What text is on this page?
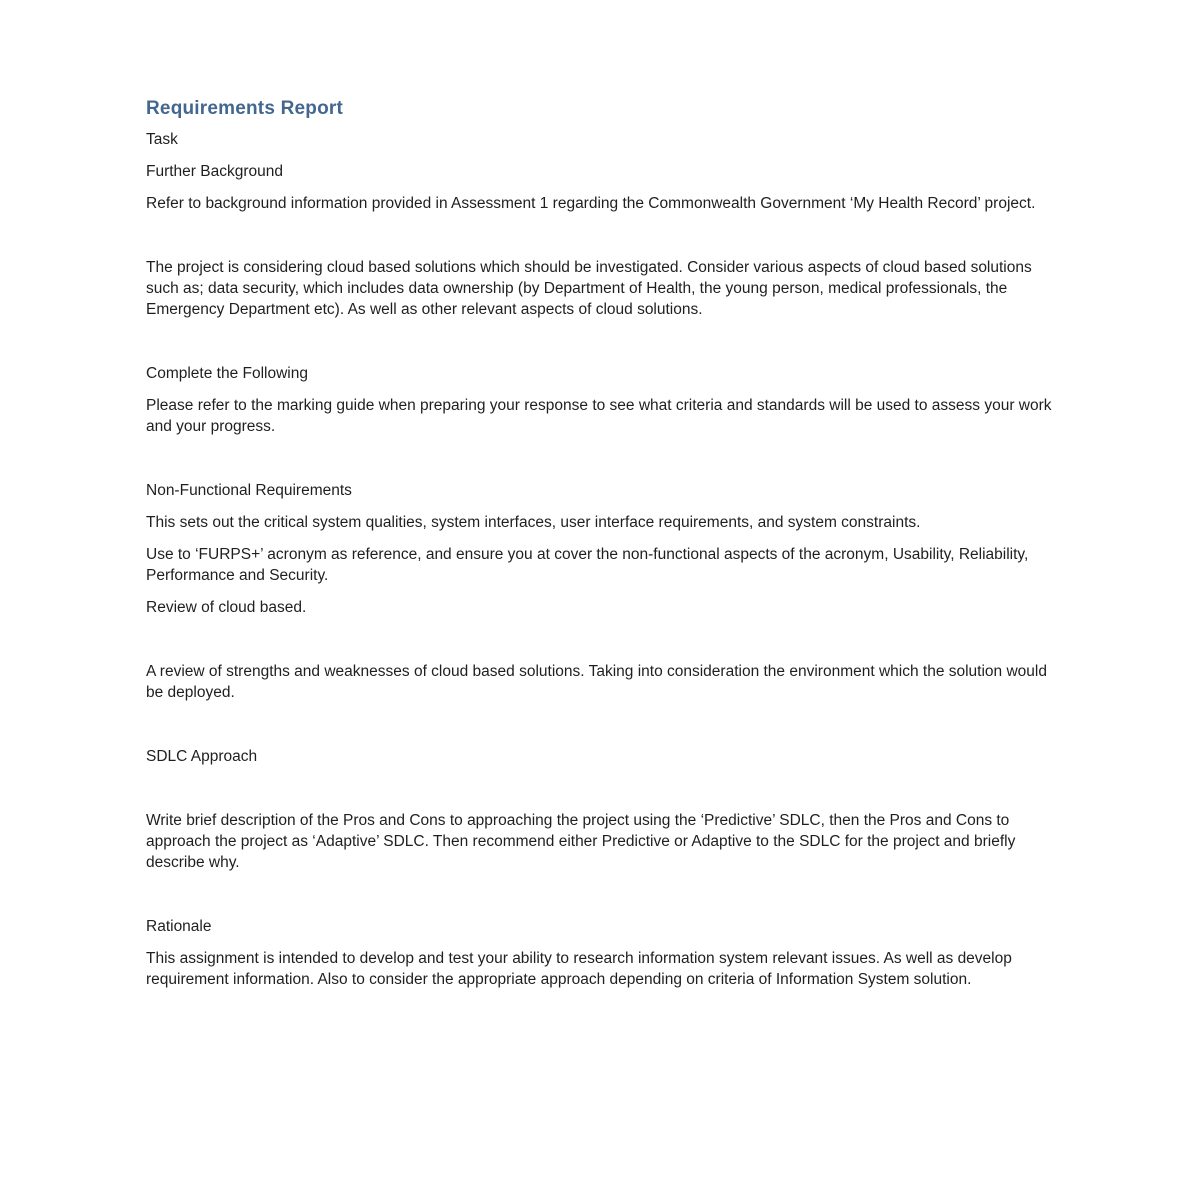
Requirements Report

Task

Further Background

Refer to background information provided in Assessment 1 regarding the Commonwealth Government ‘My Health Record’ project.

The project is considering cloud based solutions which should be investigated. Consider various aspects of cloud based solutions such as; data security, which includes data ownership (by Department of Health, the young person, medical professionals, the Emergency Department etc). As well as other relevant aspects of cloud solutions.

Complete the Following

Please refer to the marking guide when preparing your response to see what criteria and standards will be used to assess your work and your progress.

Non-Functional Requirements

This sets out the critical system qualities, system interfaces, user interface requirements, and system constraints.

Use to ‘FURPS+’ acronym as reference, and ensure you at cover the non-functional aspects of the acronym, Usability, Reliability, Performance and Security.

Review of cloud based.

A review of strengths and weaknesses of cloud based solutions. Taking into consideration the environment which the solution would be deployed.

SDLC Approach

Write brief description of the Pros and Cons to approaching the project using the ‘Predictive’ SDLC, then the Pros and Cons to approach the project as ‘Adaptive’ SDLC. Then recommend either Predictive or Adaptive to the SDLC for the project and briefly describe why.

Rationale

This assignment is intended to develop and test your ability to research information system relevant issues. As well as develop requirement information. Also to consider the appropriate approach depending on criteria of Information System solution.
